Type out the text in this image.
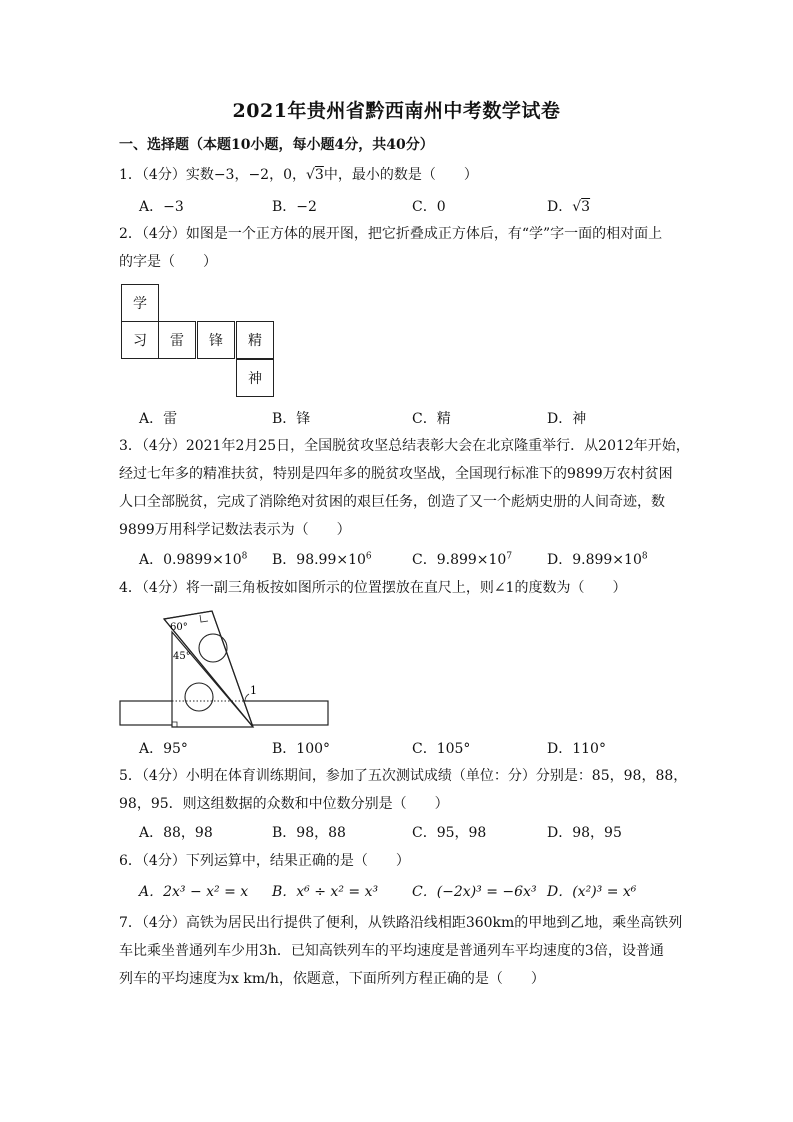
2021年贵州省黔西南州中考数学试卷
一、选择题（本题10小题，每小题4分，共40分）
1．（4分）实数−3，−2，0，√3中，最小的数是（　　）
A．−3	B．−2	C．0	D．√3
2．（4分）如图是一个正方体的展开图，把它折叠成正方体后，有“学”字一面的相对面上
的字是（　　）
学
习	雷	锋	精
神
A．雷	B．锋	C．精	D．神
3．（4分）2021年2月25日，全国脱贫攻坚总结表彰大会在北京隆重举行．从2012年开始，
经过七年多的精准扶贫，特别是四年多的脱贫攻坚战，全国现行标准下的9899万农村贫困
人口全部脱贫，完成了消除绝对贫困的艰巨任务，创造了又一个彪炳史册的人间奇迹，数
9899万用科学记数法表示为（　　）
A．$0.9899\times 10^8$ B．$98.99\times 10^6$	C．$9.899\times 10^7$ D．$9.899\times 10^8$
4．（4分）将一副三角板按如图所示的位置摆放在直尺上，则∠1的度数为（　　）
60°
45°
1
A．95°	B．100°	C．105°	D．110°
5．（4分）小明在体育训练期间，参加了五次测试成绩（单位：分）分别是：85，98，88，
98，95．则这组数据的众数和中位数分别是（　　）
A．88，98	B．98，88	C．95，98	D．98，95
6．（4分）下列运算中，结果正确的是（　　）
A．2x³ − x² = x B．x⁶ ÷ x² = x³ C．(−2x)³ = −6x³ D．(x²)³ = x⁶
7．（4分）高铁为居民出行提供了便利，从铁路沿线相距360km的甲地到乙地，乘坐高铁列
车比乘坐普通列车少用3h．已知高铁列车的平均速度是普通列车平均速度的3倍，设普通
列车的平均速度为x km/h，依题意，下面所列方程正确的是（　　）
